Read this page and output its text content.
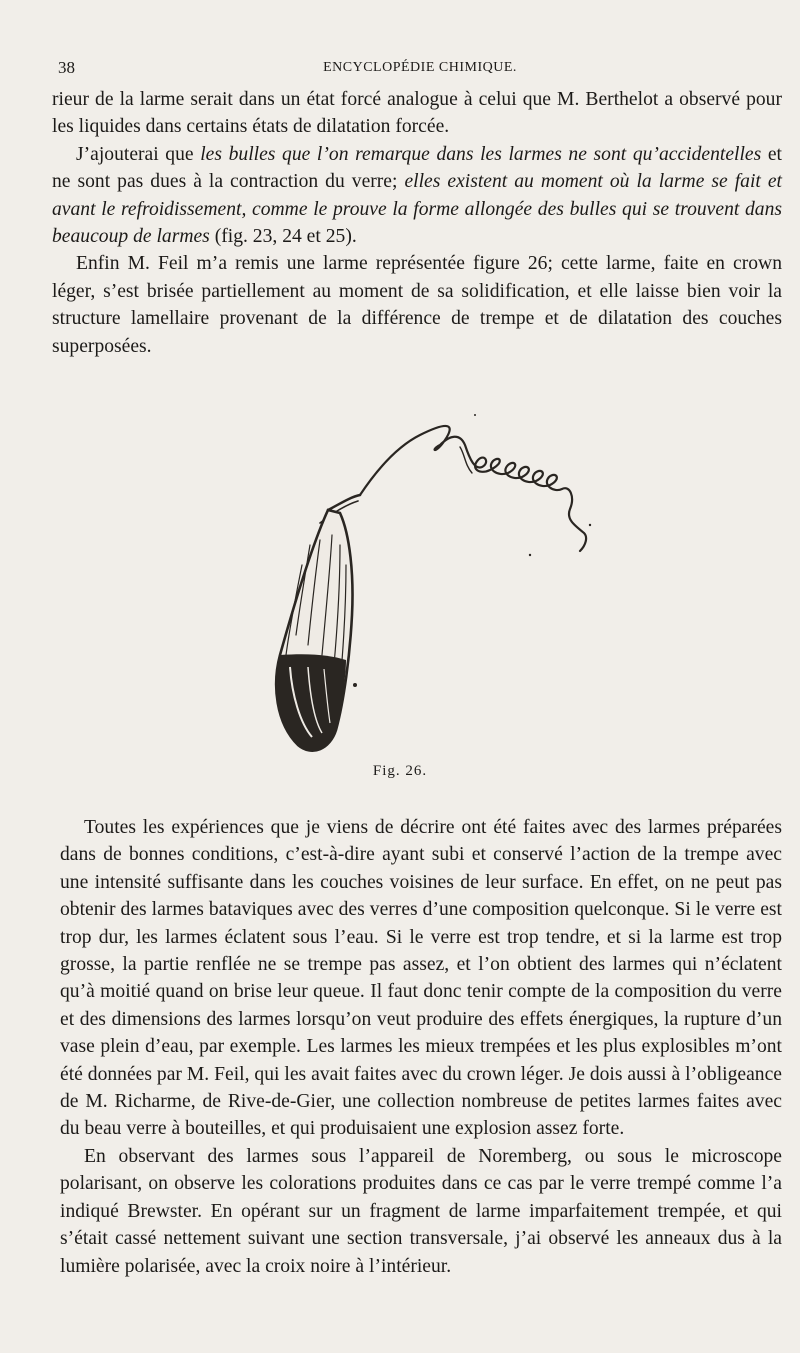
38	ENCYCLOPÉDIE CHIMIQUE.

rieur de la larme serait dans un état forcé analogue à celui que M. Berthelot a observé pour les liquides dans certains états de dilatation forcée.

J’ajouterai que les bulles que l’on remarque dans les larmes ne sont qu’accidentelles et ne sont pas dues à la contraction du verre; elles existent au moment où la larme se fait et avant le refroidissement, comme le prouve la forme allongée des bulles qui se trouvent dans beaucoup de larmes (fig. 23, 24 et 25).

Enfin M. Feil m’a remis une larme représentée figure 26; cette larme, faite en crown léger, s’est brisée partiellement au moment de sa solidification, et elle laisse bien voir la structure lamellaire provenant de la différence de trempe et de dilatation des couches superposées.

Fig. 26.

Toutes les expériences que je viens de décrire ont été faites avec des larmes préparées dans de bonnes conditions, c’est-à-dire ayant subi et conservé l’action de la trempe avec une intensité suffisante dans les couches voisines de leur surface. En effet, on ne peut pas obtenir des larmes bataviques avec des verres d’une composition quelconque. Si le verre est trop dur, les larmes éclatent sous l’eau. Si le verre est trop tendre, et si la larme est trop grosse, la partie renflée ne se trempe pas assez, et l’on obtient des larmes qui n’éclatent qu’à moitié quand on brise leur queue. Il faut donc tenir compte de la composition du verre et des dimensions des larmes lorsqu’on veut produire des effets énergiques, la rupture d’un vase plein d’eau, par exemple. Les larmes les mieux trempées et les plus explosibles m’ont été données par M. Feil, qui les avait faites avec du crown léger. Je dois aussi à l’obligeance de M. Richarme, de Rive-de-Gier, une collection nombreuse de petites larmes faites avec du beau verre à bouteilles, et qui produisaient une explosion assez forte.

En observant des larmes sous l’appareil de Noremberg, ou sous le microscope polarisant, on observe les colorations produites dans ce cas par le verre trempé comme l’a indiqué Brewster. En opérant sur un fragment de larme imparfaitement trempée, et qui s’était cassé nettement suivant une section transversale, j’ai observé les anneaux dus à la lumière polarisée, avec la croix noire à l’intérieur.
